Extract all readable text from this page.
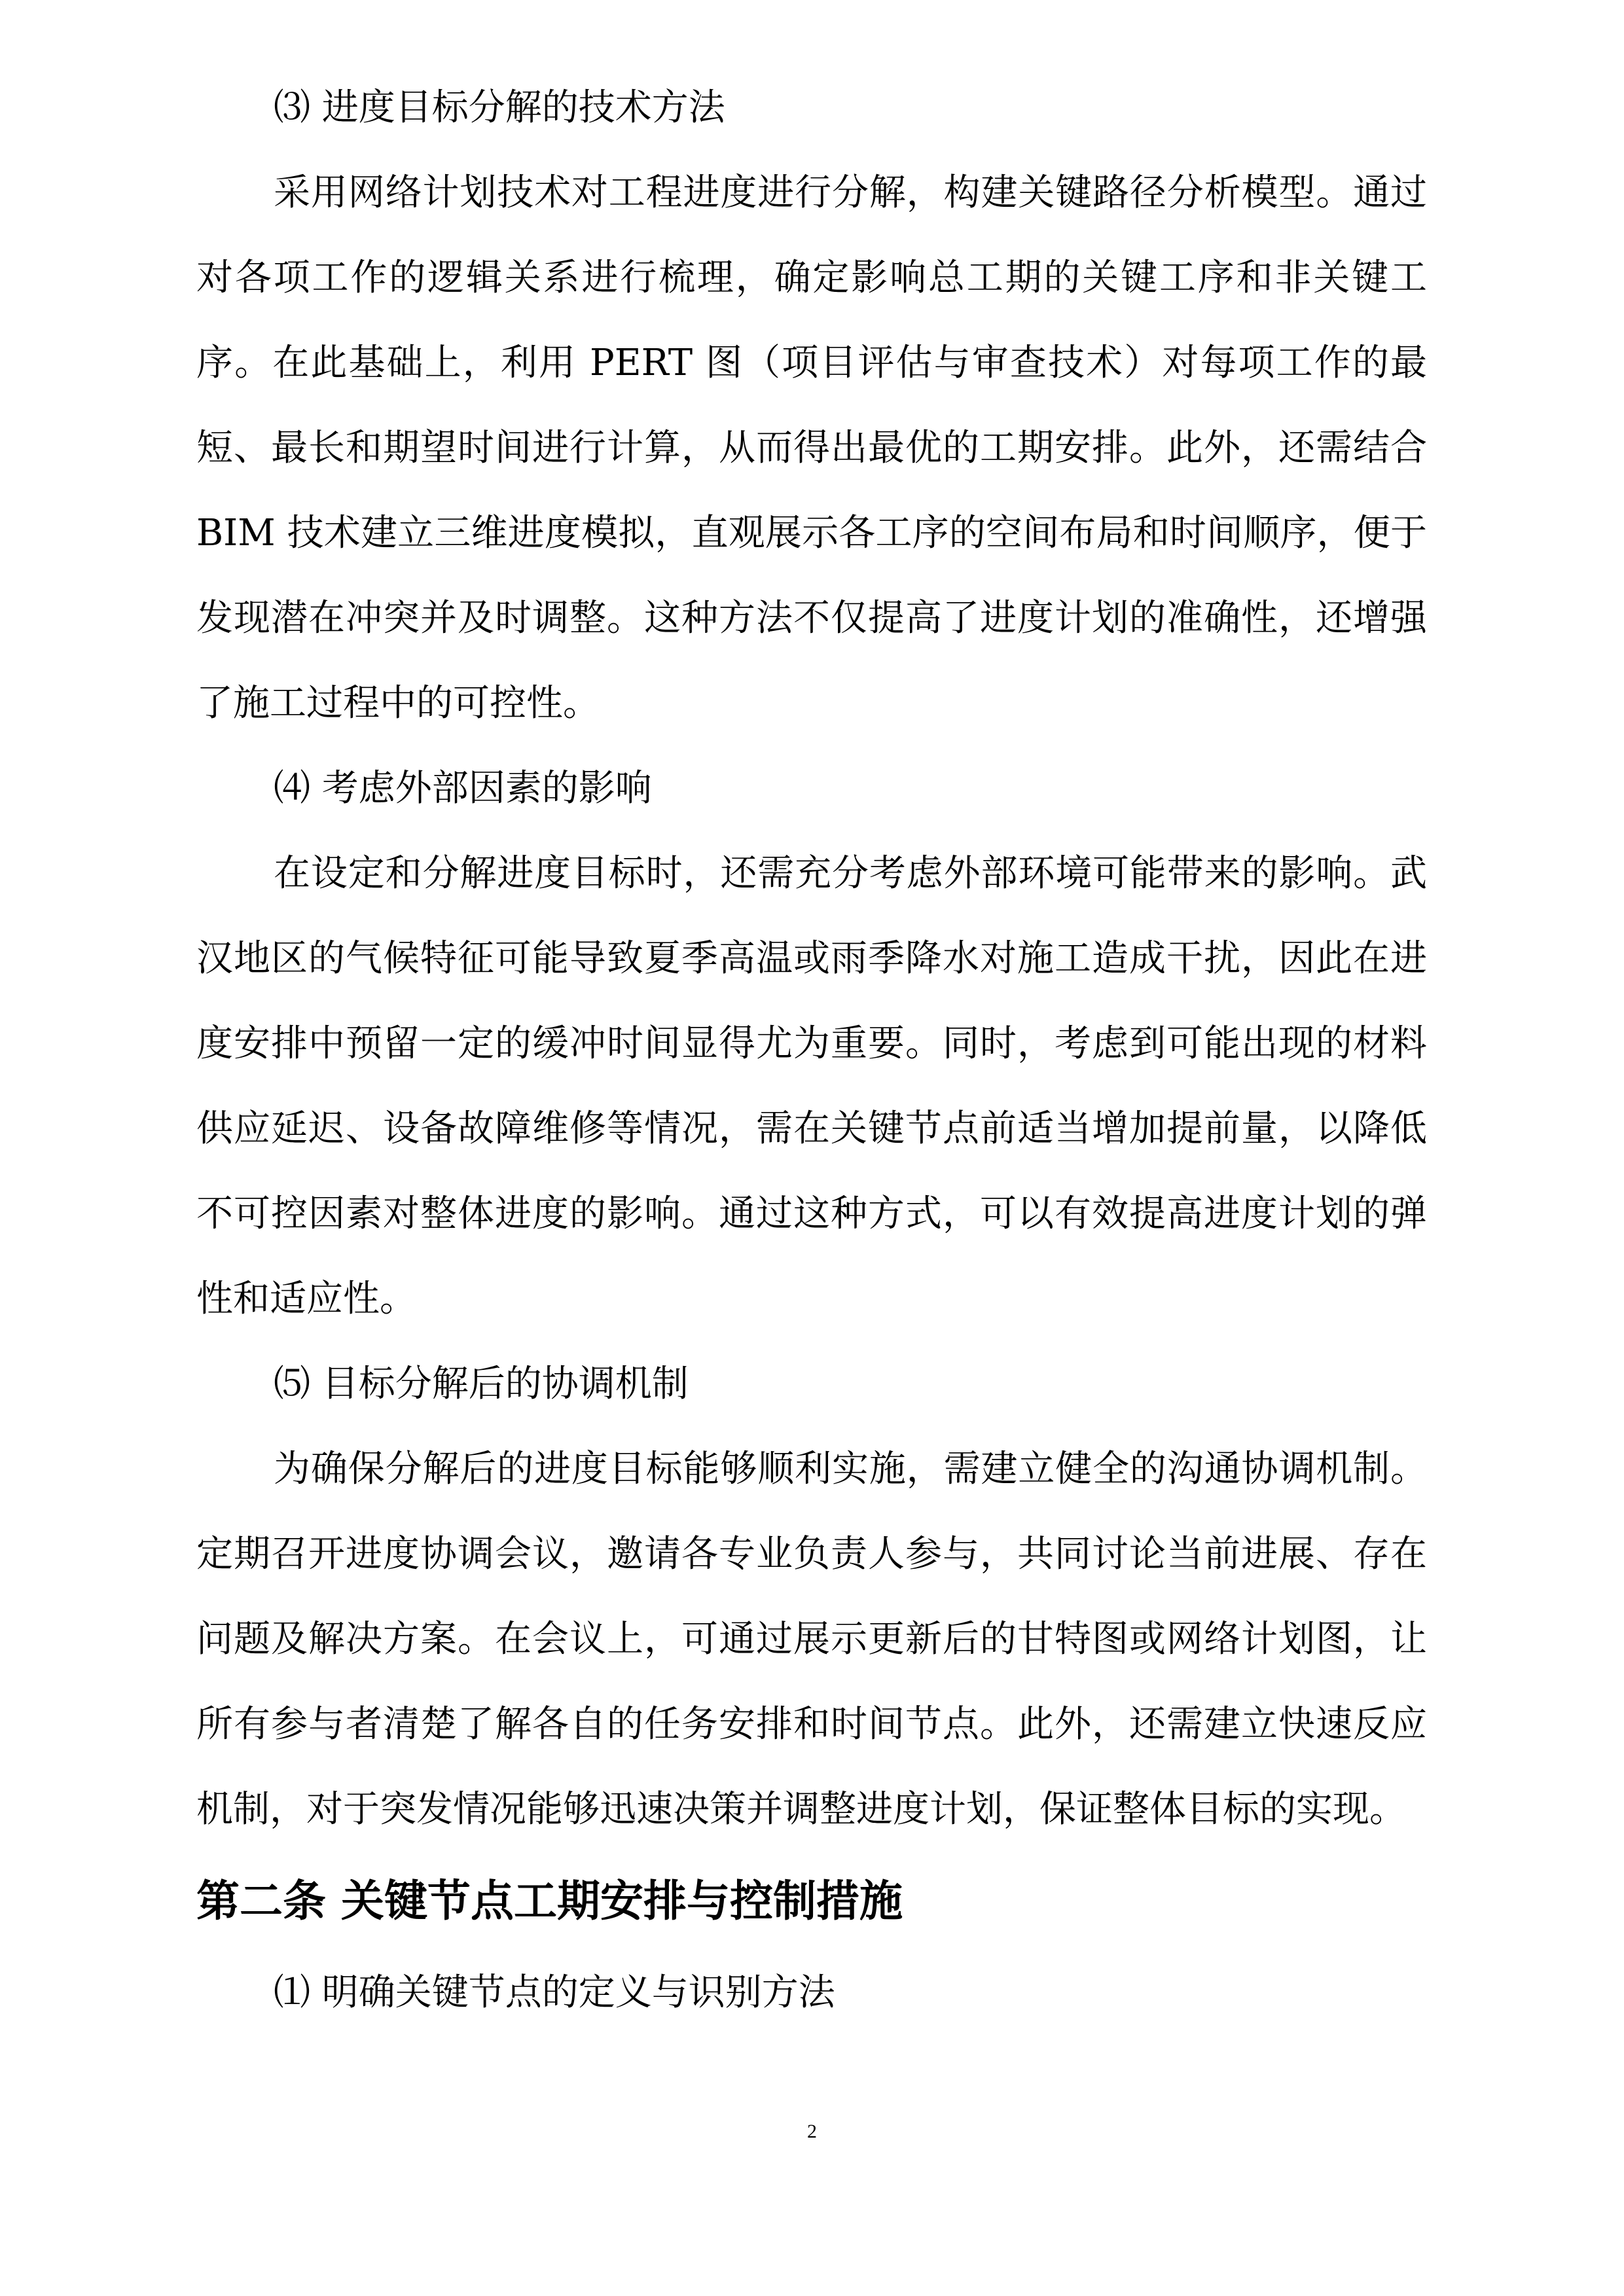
⑶ 进度目标分解的技术方法

采用网络计划技术对工程进度进行分解，构建关键路径分析模型。通过对各项工作的逻辑关系进行梳理，确定影响总工期的关键工序和非关键工序。在此基础上，利用 PERT 图（项目评估与审查技术）对每项工作的最短、最长和期望时间进行计算，从而得出最优的工期安排。此外，还需结合 BIM 技术建立三维进度模拟，直观展示各工序的空间布局和时间顺序，便于发现潜在冲突并及时调整。这种方法不仅提高了进度计划的准确性，还增强了施工过程中的可控性。

⑷ 考虑外部因素的影响

在设定和分解进度目标时，还需充分考虑外部环境可能带来的影响。武汉地区的气候特征可能导致夏季高温或雨季降水对施工造成干扰，因此在进度安排中预留一定的缓冲时间显得尤为重要。同时，考虑到可能出现的材料供应延迟、设备故障维修等情况，需在关键节点前适当增加提前量，以降低不可控因素对整体进度的影响。通过这种方式，可以有效提高进度计划的弹性和适应性。

⑸ 目标分解后的协调机制

为确保分解后的进度目标能够顺利实施，需建立健全的沟通协调机制。定期召开进度协调会议，邀请各专业负责人参与，共同讨论当前进展、存在问题及解决方案。在会议上，可通过展示更新后的甘特图或网络计划图，让所有参与者清楚了解各自的任务安排和时间节点。此外，还需建立快速反应机制，对于突发情况能够迅速决策并调整进度计划，保证整体目标的实现。

第二条 关键节点工期安排与控制措施

⑴ 明确关键节点的定义与识别方法

2
